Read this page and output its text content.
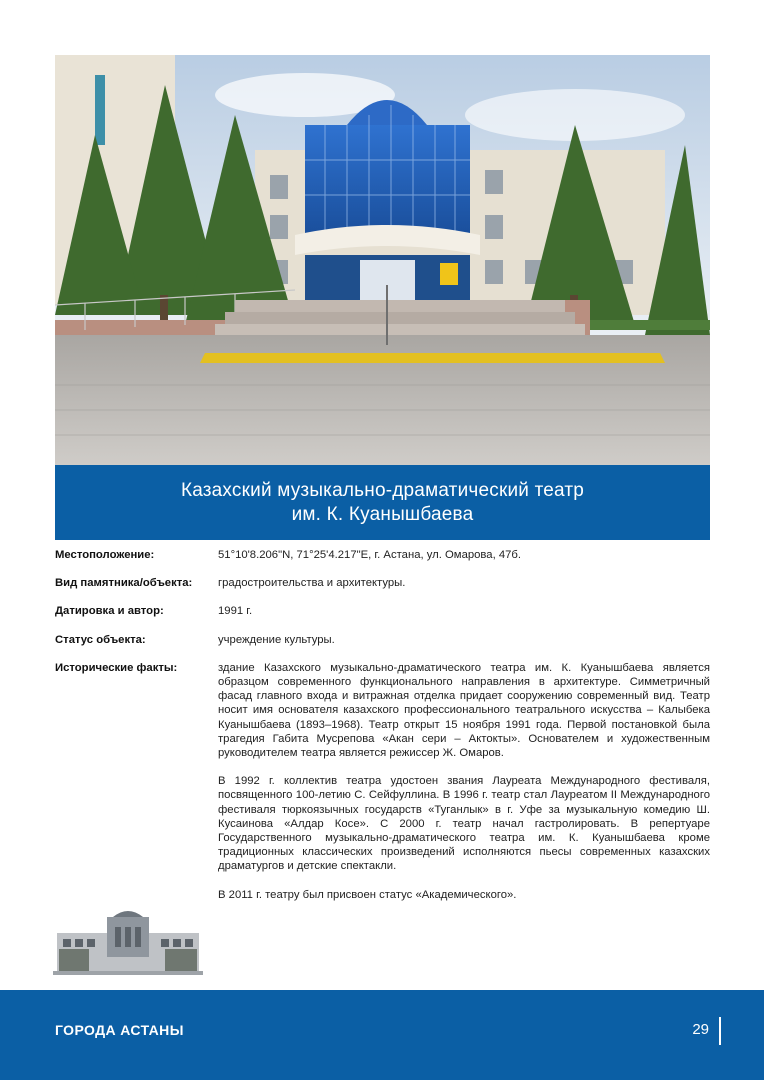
Казахский музыкально-драматический театр
им. К. Куанышбаева
Местоположение:	51°10'8.206"N, 71°25'4.217"E, г. Астана, ул. Омарова, 47б.
Вид памятника/объекта:	градостроительства и архитектуры.
Датировка и автор:	1991 г.
Статус объекта:	учреждение культуры.
Исторические факты:	здание Казахского музыкально-драматического театра им. К. Куанышбаева является образцом современного функционального направления в архитектуре. Симметричный фасад главного входа и витражная отделка придает сооружению современный вид. Театр носит имя основателя казахского профессионального театрального искусства – Калыбека Куанышбаева (1893–1968). Театр открыт 15 ноября 1991 года. Первой постановкой была трагедия Габита Мусрепова «Акан сери – Актокты». Основателем и художественным руководителем театра является режиссер Ж. Омаров.

В 1992 г. коллектив театра удостоен звания Лауреата Международного фестиваля, посвященного 100-летию С. Сейфуллина. В 1996 г. театр стал Лауреатом II Международного фестиваля тюркоязычных государств «Туганлык» в г. Уфе за музыкальную комедию Ш. Кусаинова «Алдар Косе». С 2000 г. театр начал гастролировать. В репертуаре Государственного музыкально-драматического театра им. К. Куанышбаева кроме традиционных классических произведений исполняются пьесы современных казахских драматургов и детские спектакли.

В 2011 г. театру был присвоен статус «Академического».

ГОРОДА АСТАНЫ	29
